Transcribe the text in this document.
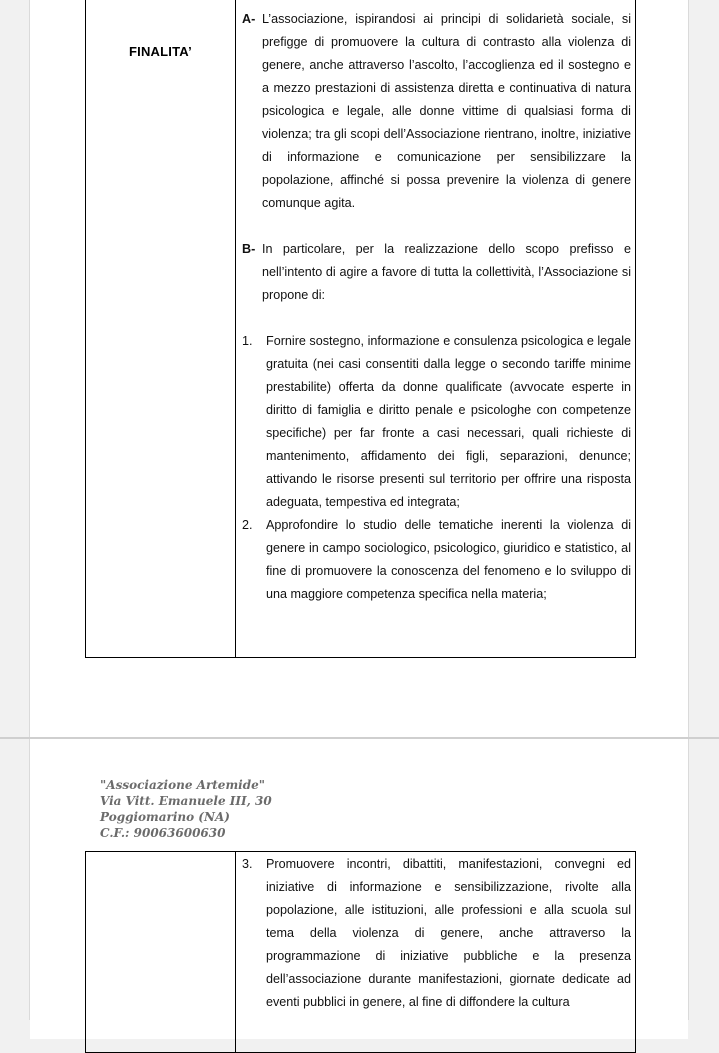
FINALITA’

A- L’associazione, ispirandosi ai principi di solidarietà sociale, si prefigge di promuovere la cultura di contrasto alla violenza di genere, anche attraverso l’ascolto, l’accoglienza ed il sostegno e a mezzo prestazioni di assistenza diretta e continuativa di natura psicologica e legale, alle donne vittime di qualsiasi forma di violenza; tra gli scopi dell’Associazione rientrano, inoltre, iniziative di informazione e comunicazione per sensibilizzare la popolazione, affinché si possa prevenire la violenza di genere comunque agita.
B- In particolare, per la realizzazione dello scopo prefisso e nell’intento di agire a favore di tutta la collettività, l’Associazione si propone di:
1. Fornire sostegno, informazione e consulenza psicologica e legale gratuita (nei casi consentiti dalla legge o secondo tariffe minime prestabilite) offerta da donne qualificate (avvocate esperte in diritto di famiglia e diritto penale e psicologhe con competenze specifiche) per far fronte a casi necessari, quali richieste di mantenimento, affidamento dei figli, separazioni, denunce; attivando le risorse presenti sul territorio per offrire una risposta adeguata, tempestiva ed integrata;
2. Approfondire lo studio delle tematiche inerenti la violenza di genere in campo sociologico, psicologico, giuridico e statistico, al fine di promuovere la conoscenza del fenomeno e lo sviluppo di una maggiore competenza specifica nella materia;
"Associazione Artemide"
Via Vitt. Emanuele III, 30
Poggiomarino (NA)
C.F.: 90063600630

3. Promuovere incontri, dibattiti, manifestazioni, convegni ed iniziative di informazione e sensibilizzazione, rivolte alla popolazione, alle istituzioni, alle professioni e alla scuola sul tema della violenza di genere, anche attraverso la programmazione di iniziative pubbliche e la presenza dell’associazione durante manifestazioni, giornate dedicate ad eventi pubblici in genere, al fine di diffondere la cultura
